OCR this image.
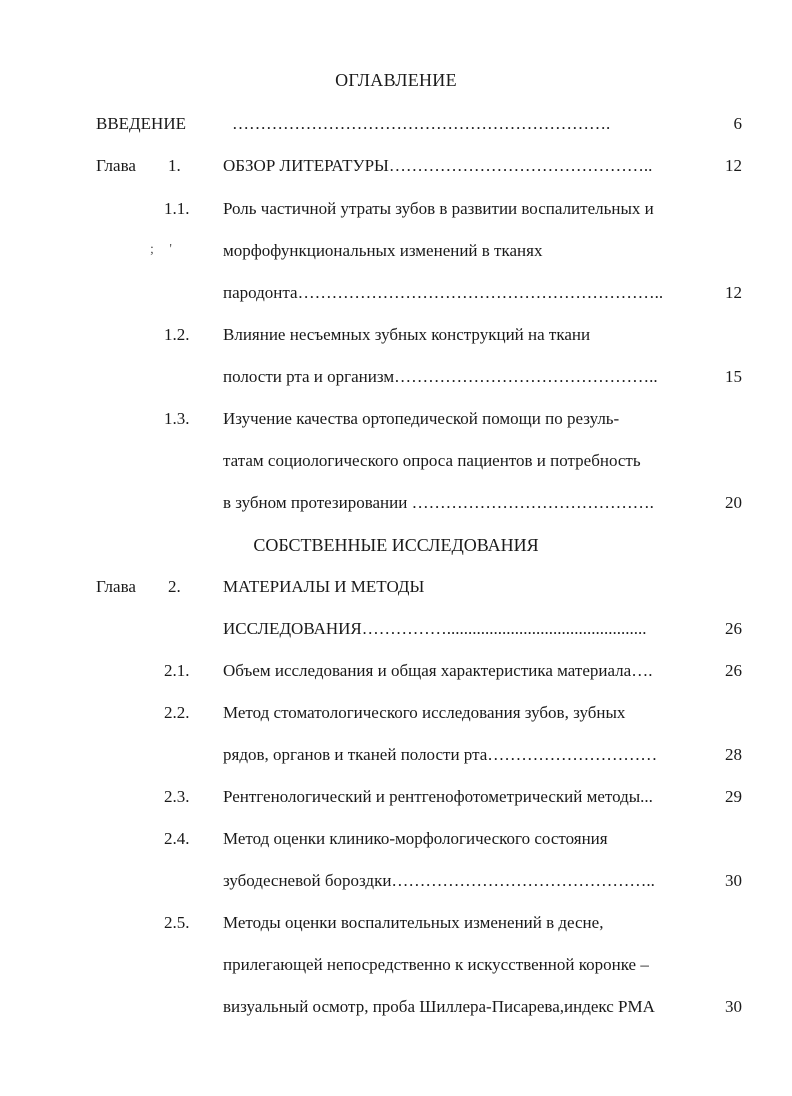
ОГЛАВЛЕНИЕ
ВВЕДЕНИЕ	………………………………………………………….	6
Глава 1. ОБЗОР ЛИТЕРАТУРЫ………………………………………..	12
1.1. Роль частичной утраты зубов в развитии воспалительных и
; '	морфофункциональных изменений в тканях
пародонта………………………………………………………..	12
1.2. Влияние несъемных зубных конструкций на ткани
полости рта и организм………………………………………..	15
1.3. Изучение качества ортопедической помощи по резуль-
татам социологического опроса пациентов и потребность
в зубном протезировании …………………………………….	20
СОБСТВЕННЫЕ ИССЛЕДОВАНИЯ
Глава 2. МАТЕРИАЛЫ И МЕТОДЫ
ИССЛЕДОВАНИЯ……………...............................................	26
2.1. Объем исследования и общая характеристика материала….	26
2.2. Метод стоматологического исследования зубов, зубных
рядов, органов и тканей полости рта…………………………	28
2.3. Рентгенологический и рентгенофотометрический методы...	29
2.4. Метод оценки клинико-морфологического состояния
зубодесневой бороздки………………………………………..	30
2.5. Методы оценки воспалительных изменений в десне,
прилегающей непосредственно к искусственной коронке –
визуальный осмотр, проба Шиллера-Писарева,индекс РМА	30
